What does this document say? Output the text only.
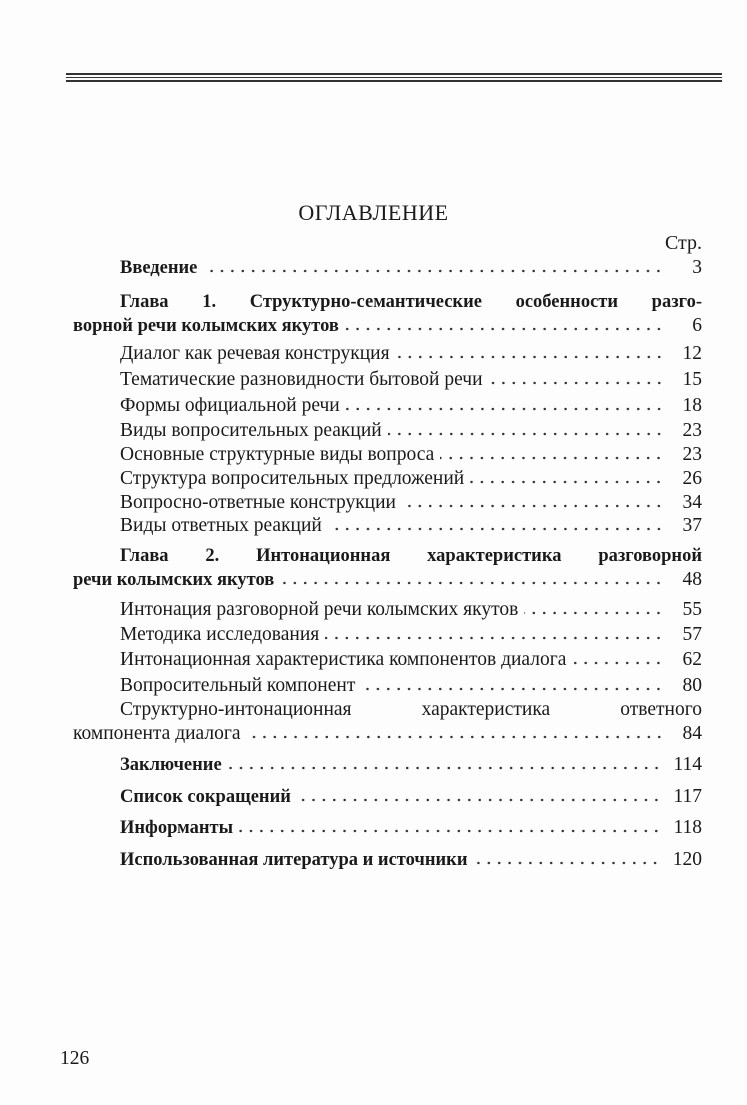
ОГЛАВЛЕНИЕ
Стр.
Введение	3
Глава 1. Структурно-семантические особенности разго-
ворной речи колымских якутов	6
Диалог как речевая конструкция	12
Тематические разновидности бытовой речи	15
Формы официальной речи	18
Виды вопросительных реакций	23
Основные структурные виды вопроса	23
Структура вопросительных предложений	26
Вопросно-ответные конструкции	34
Виды ответных реакций	37
Глава 2. Интонационная характеристика разговорной
речи колымских якутов	48
Интонация разговорной речи колымских якутов	55
Методика исследования	57
Интонационная характеристика компонентов диалога	62
Вопросительный компонент	80
Структурно-интонационная характеристика ответного
компонента диалога	84
Заключение	114
Список сокращений	117
Информанты	118
Использованная литература и источники	120
126
